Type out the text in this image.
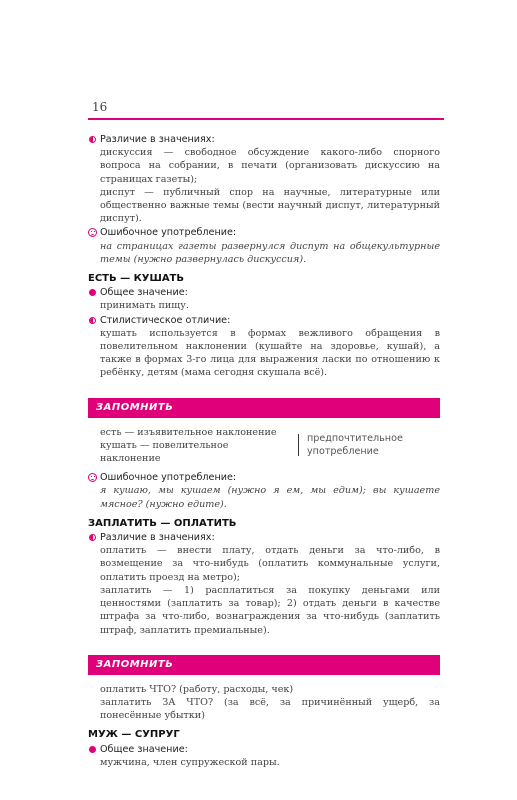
16
Различие в значениях:
дискуссия — свободное обсуждение какого-либо спорного вопроса на собрании, в печати (организовать дискуссию на страницах газеты);
диспут — публичный спор на научные, литературные или общественно важные темы (вести научный диспут, литературный диспут).
Ошибочное употребление:
на страницах газеты развернулся диспут на общекультурные темы (нужно развернулась дискуссия).
ЕСТЬ — КУШАТЬ
Общее значение:
принимать пищу.
Стилистическое отличие:
кушать используется в формах вежливого обращения в повелительном наклонении (кушайте на здоровье, кушай), а также в формах 3-го лица для выражения ласки по отношению к ребёнку, детям (мама сегодня скушала всё).
ЗАПОМНИТЬ
есть — изъявительное наклонение
кушать — повелительное наклонение
предпочтительное
употребление
Ошибочное употребление:
я кушаю, мы кушаем (нужно я ем, мы едим); вы кушаете мясное? (нужно едите).
ЗАПЛАТИТЬ — ОПЛАТИТЬ
Различие в значениях:
оплатить — внести плату, отдать деньги за что-либо, в возмещение за что-нибудь (оплатить коммунальные услуги, оплатить проезд на метро);
заплатить — 1) расплатиться за покупку деньгами или ценностями (заплатить за товар); 2) отдать деньги в качестве штрафа за что-либо, вознаграждения за что-нибудь (заплатить штраф, заплатить премиальные).
ЗАПОМНИТЬ
оплатить ЧТО? (работу, расходы, чек)
заплатить ЗА ЧТО? (за всё, за причинённый ущерб, за понесённые убытки)
МУЖ — СУПРУГ
Общее значение:
мужчина, член супружеской пары.
